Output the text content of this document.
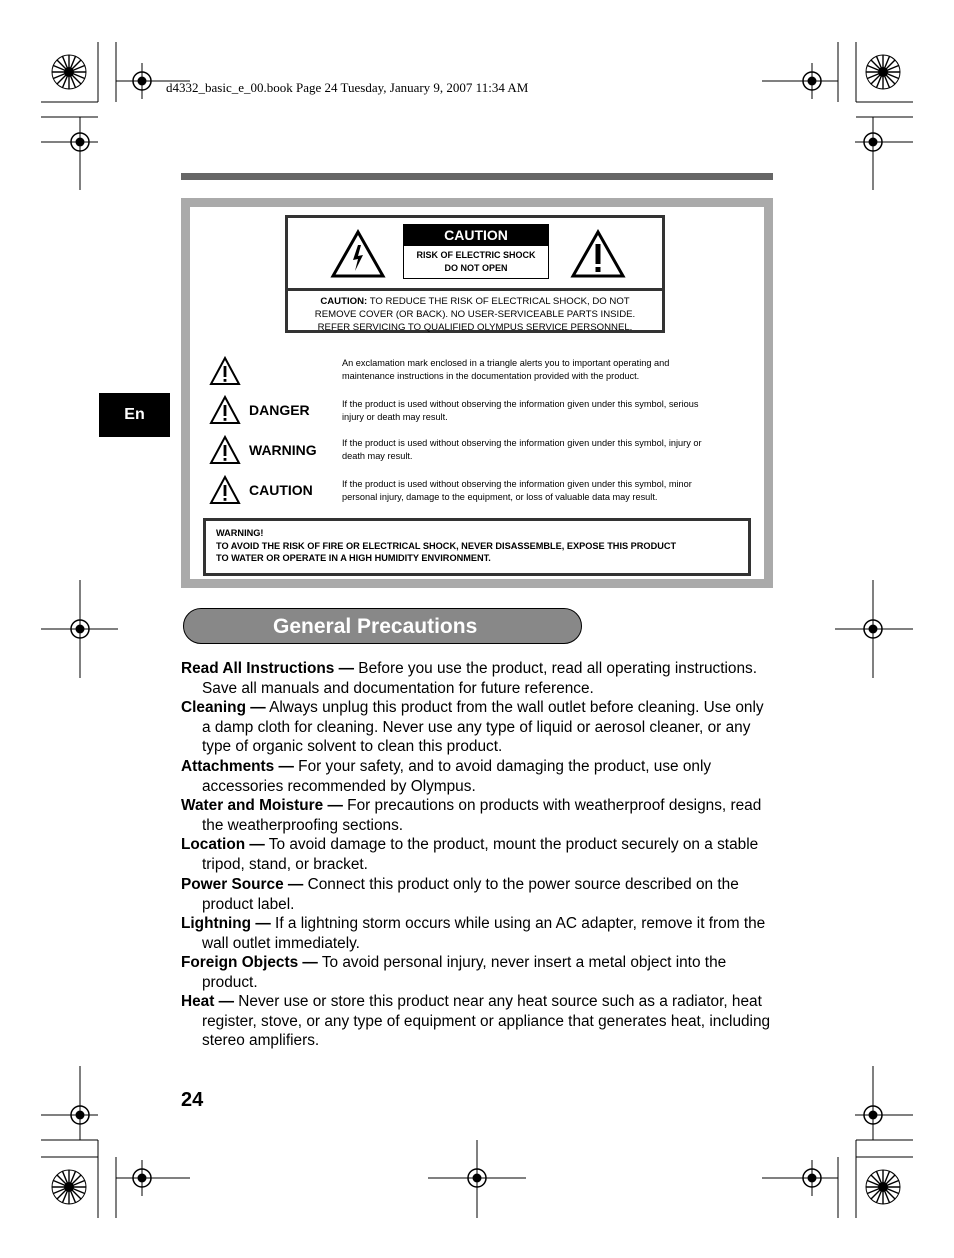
d4332_basic_e_00.book Page 24 Tuesday, January 9, 2007 11:34 AM
En
CAUTION
RISK OF ELECTRIC SHOCK
DO NOT OPEN
CAUTION: TO REDUCE THE RISK OF ELECTRICAL SHOCK, DO NOT
REMOVE COVER (OR BACK). NO USER-SERVICEABLE PARTS INSIDE.
REFER SERVICING TO QUALIFIED OLYMPUS SERVICE PERSONNEL.
An exclamation mark enclosed in a triangle alerts you to important operating and
maintenance instructions in the documentation provided with the product.
DANGER	If the product is used without observing the information given under this symbol, serious
injury or death may result.
WARNING	If the product is used without observing the information given under this symbol, injury or
death may result.
CAUTION	If the product is used without observing the information given under this symbol, minor
personal injury, damage to the equipment, or loss of valuable data may result.
WARNING!
TO AVOID THE RISK OF FIRE OR ELECTRICAL SHOCK, NEVER DISASSEMBLE, EXPOSE THIS PRODUCT
TO WATER OR OPERATE IN A HIGH HUMIDITY ENVIRONMENT.
General Precautions
Read All Instructions — Before you use the product, read all operating instructions. Save all manuals and documentation for future reference.
Cleaning — Always unplug this product from the wall outlet before cleaning. Use only a damp cloth for cleaning. Never use any type of liquid or aerosol cleaner, or any type of organic solvent to clean this product.
Attachments — For your safety, and to avoid damaging the product, use only accessories recommended by Olympus.
Water and Moisture — For precautions on products with weatherproof designs, read the weatherproofing sections.
Location — To avoid damage to the product, mount the product securely on a stable tripod, stand, or bracket.
Power Source — Connect this product only to the power source described on the product label.
Lightning — If a lightning storm occurs while using an AC adapter, remove it from the wall outlet immediately.
Foreign Objects — To avoid personal injury, never insert a metal object into the product.
Heat — Never use or store this product near any heat source such as a radiator, heat register, stove, or any type of equipment or appliance that generates heat, including stereo amplifiers.
24
